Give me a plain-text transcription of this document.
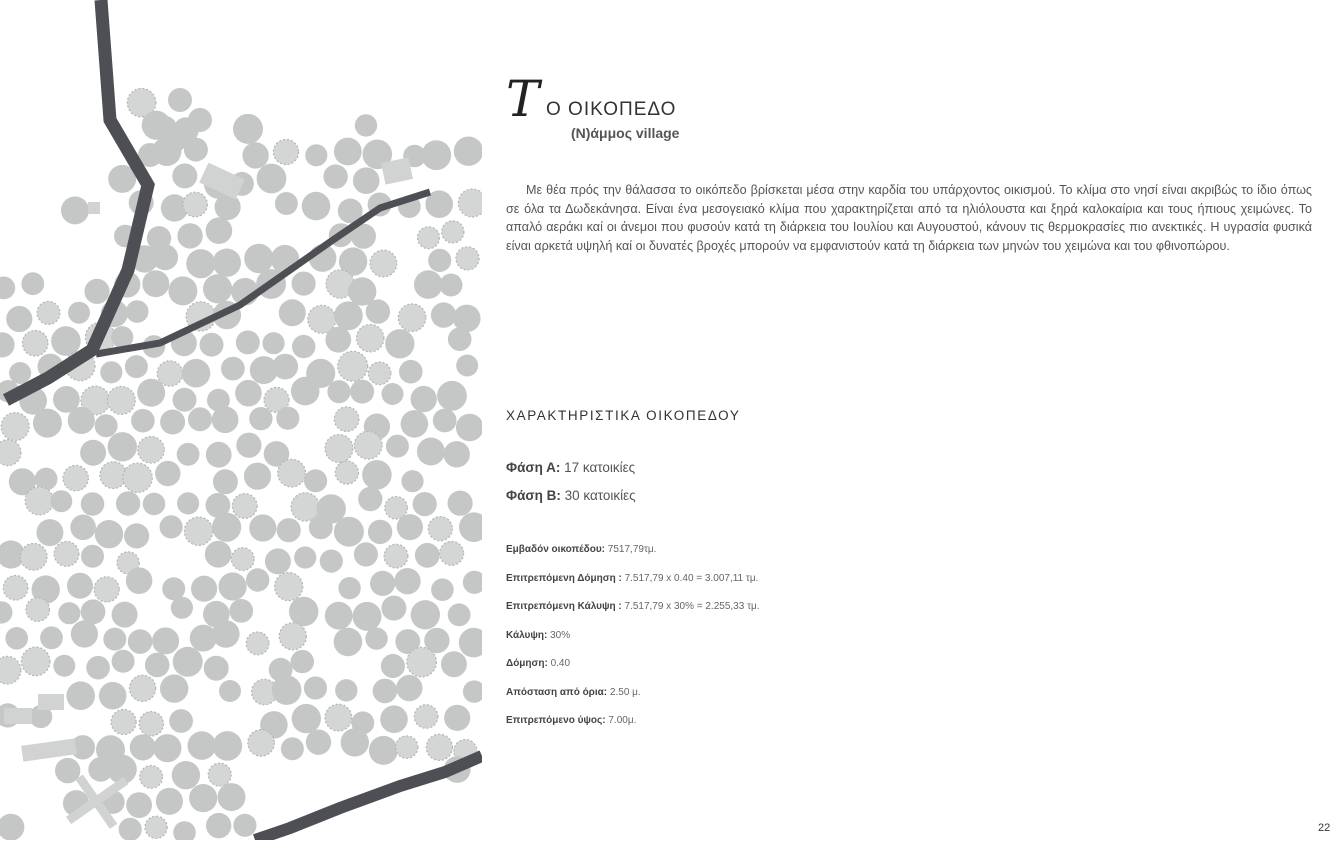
T Ο ΟΙΚΟΠΕΔΟ
(Ν)άμμος village

Με θέα πρός την θάλασσα το οικόπεδο βρίσκεται μέσα στην καρδία του υπάρχοντος οικισμού. Το κλίμα στο νησί είναι ακριβώς το ίδιο όπως σε όλα τα Δωδεκάνησα. Είναι ένα μεσογειακό κλίμα που χαρακτηρίζεται από τα ηλιόλουστα και ξηρά καλοκαίρια και τους ήπιους χειμώνες. Το απαλό αεράκι καί οι άνεμοι που φυσούν κατά τη διάρκεια του Ιουλίου και Αυγουστού, κάνουν τις θερμοκρασίες πιο ανεκτικές. Η υγρασία φυσικά είναι αρκετά υψηλή καί οι δυνατές βροχές μπορούν να εμφανιστούν κατά τη διάρκεια των μηνών του χειμώνα και του φθινοπώρου.

ΧΑΡΑΚΤΗΡΙΣΤΙΚΑ ΟΙΚΟΠΕΔΟΥ
Φάση Α: 17 κατοικίες
Φάση Β: 30 κατοικίες
Εμβαδόν οικοπέδου: 7517,79τμ.
Επιτρεπόμενη Δόμηση : 7.517,79 x 0.40 = 3.007,11 τμ.
Επιτρεπόμενη Κάλυψη : 7.517,79 x 30% = 2.255,33 τμ.
Κάλυψη: 30%
Δόμηση: 0.40
Απόσταση από όρια: 2.50 μ.
Επιτρεπόμενο ύψος: 7.00μ.
22
